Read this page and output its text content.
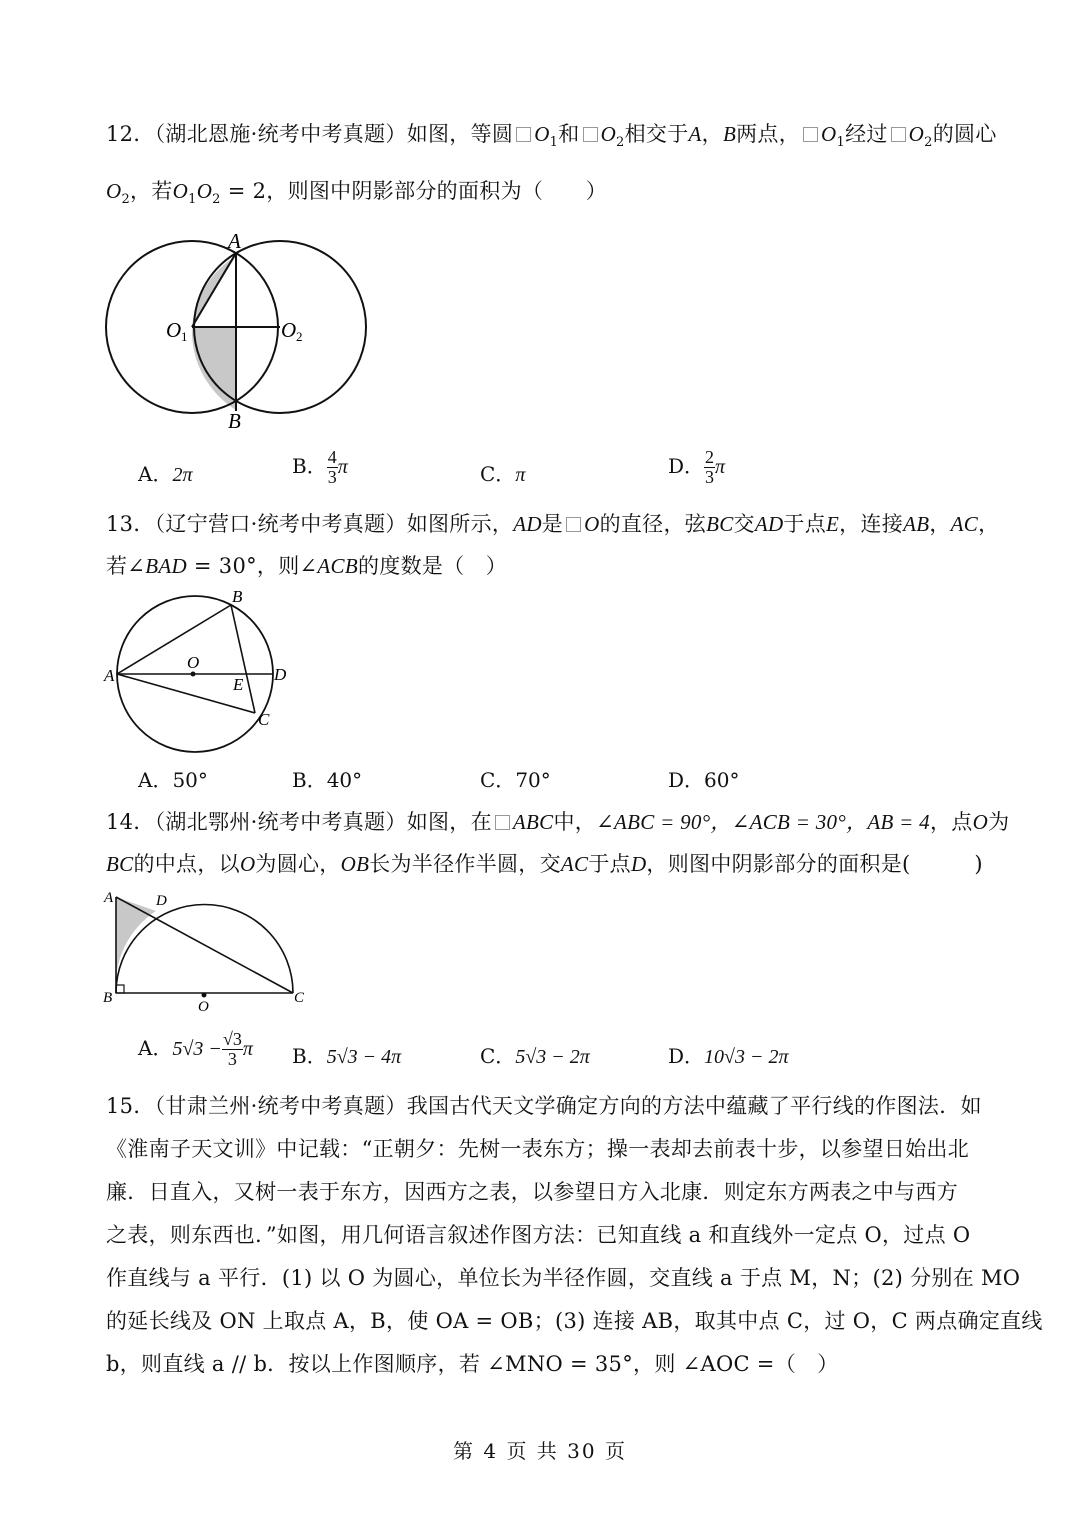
12．（湖北恩施·统考中考真题）如图，等圆 $O_1$和 $O_2$相交于A，B两点， $O_1$经过 $O_2$的圆心
$O_2$，若$O_1O_2 = 2$，则图中阴影部分的面积为（　　）
A
B
O 1	O 2
A．2π	B． $\frac{4}{3}$ π	C．π	D． $\frac{2}{3}$ π
13．（辽宁营口·统考中考真题）如图所示，AD是 O的直径，弦BC交AD于点E，连接AB，AC，
若∠BAD = 30°，则∠ACB的度数是（　）
A
B
C
D
E
O
A．50°	B．40°	C．70°	D．60°
14．（湖北鄂州·统考中考真题）如图，在 ABC中，∠ABC = 90°，∠ACB = 30°，AB = 4，点O为
BC的中点，以O为圆心，OB长为半径作半圆，交AC于点D，则图中阴影部分的面积是(　　　)
A
B	C
D
O
A．$5√3 - \frac{√3}{3}$ π B．5√3 − 4π	C．5√3 − 2π	D．10√3 − 2π
15．（甘肃兰州·统考中考真题）我国古代天文学确定方向的方法中蕴藏了平行线的作图法．如
《淮南子天文训》中记载：“正朝夕：先树一表东方；操一表却去前表十步，以参望日始出北
廉．日直入，又树一表于东方，因西方之表，以参望日方入北康．则定东方两表之中与西方
之表，则东西也．”如图，用几何语言叙述作图方法：已知直线 a 和直线外一定点 O，过点 O
作直线与 a 平行．(1) 以 O 为圆心，单位长为半径作圆，交直线 a 于点 M，N；(2) 分别在 MO
的延长线及 ON 上取点 A，B，使 OA = OB；(3) 连接 AB，取其中点 C，过 O，C 两点确定直线
b，则直线 a // b．按以上作图顺序，若 ∠MNO = 35°，则 ∠AOC =（　）
第 4 页 共 30 页
